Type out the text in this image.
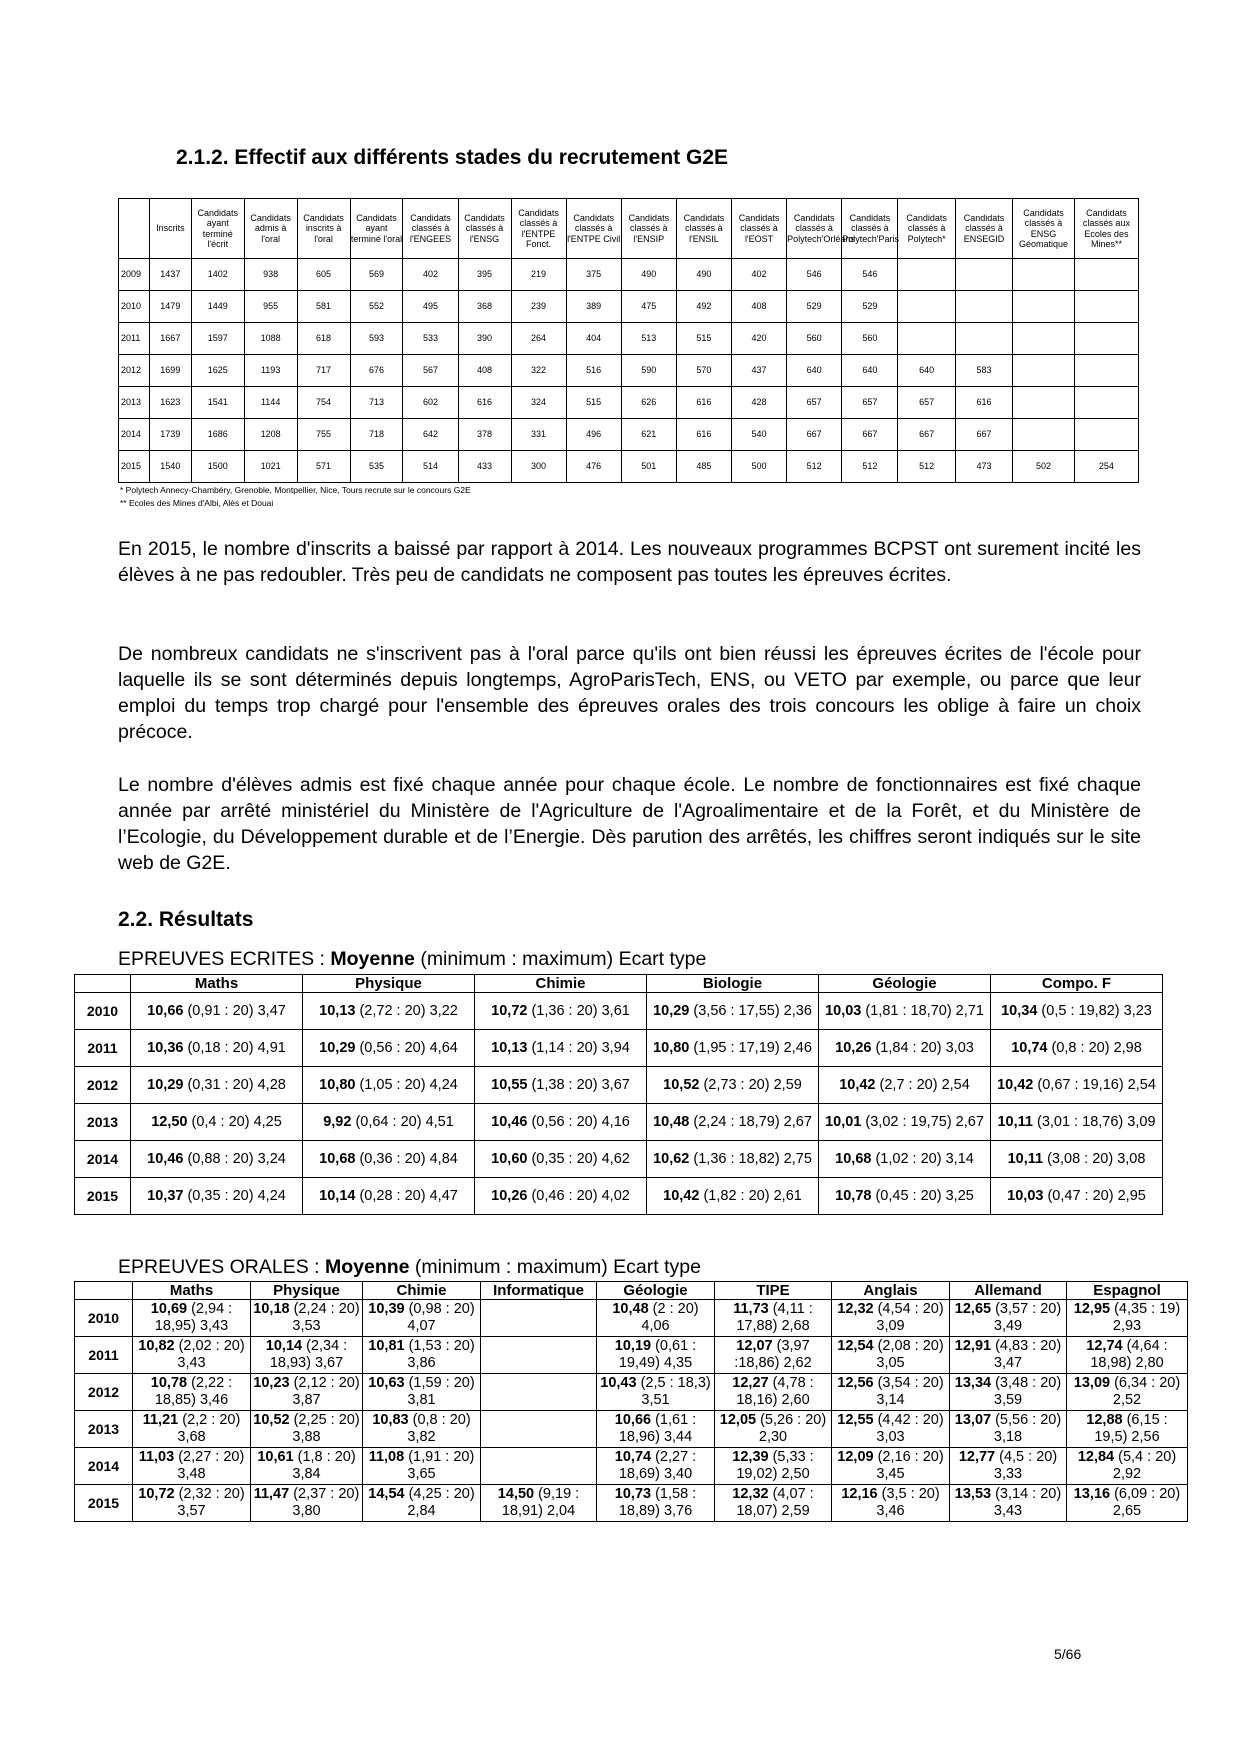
2.1.2. Effectif aux différents stades du recrutement G2E
	Inscrits	Candidats ayant terminé l'écrit	Candidats admis à l'oral	Candidats inscrits à l'oral	Candidats ayant terminé l'oral	Candidats classés à l'ENGEES	Candidats classés à l'ENSG	Candidats classés à l'ENTPE Fonct.	Candidats classés à l'ENTPE Civil	Candidats classés à l'ENSIP	Candidats classés à l'ENSIL	Candidats classés à l'EOST	Candidats classés à Polytech'Orléans	Candidats classés à Polytech'Paris	Candidats classés à Polytech*	Candidats classés à ENSEGID	Candidats classés à ENSG Géomatique	Candidats classés aux Ecoles des Mines**
2009	1437	1402	938	605	569	402	395	219	375	490	490	402	546	546				
2010	1479	1449	955	581	552	495	368	239	389	475	492	408	529	529				
2011	1667	1597	1088	618	593	533	390	264	404	513	515	420	560	560				
2012	1699	1625	1193	717	676	567	408	322	516	590	570	437	640	640	640	583		
2013	1623	1541	1144	754	713	602	616	324	515	626	616	428	657	657	657	616		
2014	1739	1686	1208	755	718	642	378	331	496	621	616	540	667	667	667	667		
2015	1540	1500	1021	571	535	514	433	300	476	501	485	500	512	512	512	473	502	254
* Polytech Annecy-Chambéry, Grenoble, Montpellier, Nice, Tours recrute sur le concours G2E
** Ecoles des Mines d'Albi, Alès et Douai

En 2015, le nombre d'inscrits a baissé par rapport à 2014. Les nouveaux programmes BCPST ont surement incité les élèves à ne pas redoubler. Très peu de candidats ne composent pas toutes les épreuves écrites.

De nombreux candidats ne s'inscrivent pas à l'oral parce qu'ils ont bien réussi les épreuves écrites de l'école pour laquelle ils se sont déterminés depuis longtemps, AgroParisTech, ENS, ou VETO par exemple, ou parce que leur emploi du temps trop chargé pour l'ensemble des épreuves orales des trois concours les oblige à faire un choix précoce.

Le nombre d'élèves admis est fixé chaque année pour chaque école. Le nombre de fonctionnaires est fixé chaque année par arrêté ministériel du Ministère de l'Agriculture de l'Agroalimentaire et de la Forêt, et du Ministère de l’Ecologie, du Développement durable et de l’Energie. Dès parution des arrêtés, les chiffres seront indiqués sur le site web de G2E.

2.2. Résultats
EPREUVES ECRITES : Moyenne (minimum : maximum) Ecart type
	Maths	Physique	Chimie	Biologie	Géologie	Compo. F
2010	10,66 (0,91 : 20) 3,47	10,13 (2,72 : 20) 3,22	10,72 (1,36 : 20) 3,61	10,29 (3,56 : 17,55) 2,36	10,03 (1,81 : 18,70) 2,71	10,34 (0,5 : 19,82) 3,23
2011	10,36 (0,18 : 20) 4,91	10,29 (0,56 : 20) 4,64	10,13 (1,14 : 20) 3,94	10,80 (1,95 : 17,19) 2,46	10,26 (1,84 : 20) 3,03	10,74 (0,8 : 20) 2,98
2012	10,29 (0,31 : 20) 4,28	10,80 (1,05 : 20) 4,24	10,55 (1,38 : 20) 3,67	10,52 (2,73 : 20) 2,59	10,42 (2,7 : 20) 2,54	10,42 (0,67 : 19,16) 2,54
2013	12,50 (0,4 : 20) 4,25	9,92 (0,64 : 20) 4,51	10,46 (0,56 : 20) 4,16	10,48 (2,24 : 18,79) 2,67	10,01 (3,02 : 19,75) 2,67	10,11 (3,01 : 18,76) 3,09
2014	10,46 (0,88 : 20) 3,24	10,68 (0,36 : 20) 4,84	10,60 (0,35 : 20) 4,62	10,62 (1,36 : 18,82) 2,75	10,68 (1,02 : 20) 3,14	10,11 (3,08 : 20) 3,08
2015	10,37 (0,35 : 20) 4,24	10,14 (0,28 : 20) 4,47	10,26 (0,46 : 20) 4,02	10,42 (1,82 : 20) 2,61	10,78 (0,45 : 20) 3,25	10,03 (0,47 : 20) 2,95
EPREUVES ORALES : Moyenne (minimum : maximum) Ecart type
	Maths	Physique	Chimie	Informatique	Géologie	TIPE	Anglais	Allemand	Espagnol
2010	10,69 (2,94 : 18,95) 3,43	10,18 (2,24 : 20) 3,53	10,39 (0,98 : 20) 4,07		10,48 (2 : 20) 4,06	11,73 (4,11 : 17,88) 2,68	12,32 (4,54 : 20) 3,09	12,65 (3,57 : 20) 3,49	12,95 (4,35 : 19) 2,93
2011	10,82 (2,02 : 20) 3,43	10,14 (2,34 : 18,93) 3,67	10,81 (1,53 : 20) 3,86		10,19 (0,61 : 19,49) 4,35	12,07 (3,97 :18,86) 2,62	12,54 (2,08 : 20) 3,05	12,91 (4,83 : 20) 3,47	12,74 (4,64 : 18,98) 2,80
2012	10,78 (2,22 : 18,85) 3,46	10,23 (2,12 : 20) 3,87	10,63 (1,59 : 20) 3,81		10,43 (2,5 : 18,3) 3,51	12,27 (4,78 : 18,16) 2,60	12,56 (3,54 : 20) 3,14	13,34 (3,48 : 20) 3,59	13,09 (6,34 : 20) 2,52
2013	11,21 (2,2 : 20) 3,68	10,52 (2,25 : 20) 3,88	10,83 (0,8 : 20) 3,82		10,66 (1,61 : 18,96) 3,44	12,05 (5,26 : 20) 2,30	12,55 (4,42 : 20) 3,03	13,07 (5,56 : 20) 3,18	12,88 (6,15 : 19,5) 2,56
2014	11,03 (2,27 : 20) 3,48	10,61 (1,8 : 20) 3,84	11,08 (1,91 : 20) 3,65		10,74 (2,27 : 18,69) 3,40	12,39 (5,33 : 19,02) 2,50	12,09 (2,16 : 20) 3,45	12,77 (4,5 : 20) 3,33	12,84 (5,4 : 20) 2,92
2015	10,72 (2,32 : 20) 3,57	11,47 (2,37 : 20) 3,80	14,54 (4,25 : 20) 2,84	14,50 (9,19 : 18,91) 2,04	10,73 (1,58 : 18,89) 3,76	12,32 (4,07 : 18,07) 2,59	12,16 (3,5 : 20) 3,46	13,53 (3,14 : 20) 3,43	13,16 (6,09 : 20) 2,65
5/66
